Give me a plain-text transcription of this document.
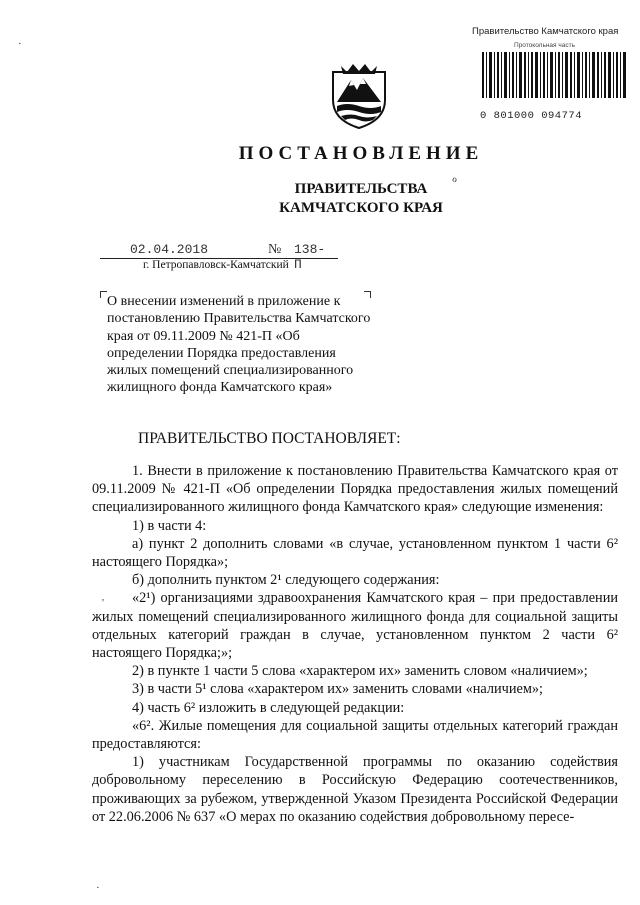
Правительство Камчатского края
Протокольная часть
0 801000 094774
ПОСТАНОВЛЕНИЕ
ПРАВИТЕЛЬСТВА
КАМЧАТСКОГО КРАЯ
02.04.2018	№ 138-П
г. Петропавловск-Камчатский
О внесении изменений в приложение к постановлению Правительства Камчатского края от 09.11.2009 № 421-П «Об определении Порядка предоставления жилых помещений специализированного жилищного фонда Камчатского края»
ПРАВИТЕЛЬСТВО ПОСТАНОВЛЯЕТ:

1. Внести в приложение к постановлению Правительства Камчатского края от 09.11.2009 № 421-П «Об определении Порядка предоставления жилых помещений специализированного жилищного фонда Камчатского края» следующие изменения:

1) в части 4:

а) пункт 2 дополнить словами «в случае, установленном пунктом 1 части 6² настоящего Порядка»;

б) дополнить пунктом 2¹ следующего содержания:

«2¹) организациями здравоохранения Камчатского края – при предоставлении жилых помещений специализированного жилищного фонда для социальной защиты отдельных категорий граждан в случае, установленном пунктом 2 части 6² настоящего Порядка;»;

2) в пункте 1 части 5 слова «характером их» заменить словом «наличием»;

3) в части 5¹ слова «характером их» заменить словами «наличием»;

4) часть 6² изложить в следующей редакции:

«6². Жилые помещения для социальной защиты отдельных категорий граждан предоставляются:

1) участникам Государственной программы по оказанию содействия добровольному переселению в Российскую Федерацию соотечественников, проживающих за рубежом, утвержденной Указом Президента Российской Федерации от 22.06.2006 № 637 «О мерах по оказанию содействия добровольному пересе-

·
'
·
ℴ
